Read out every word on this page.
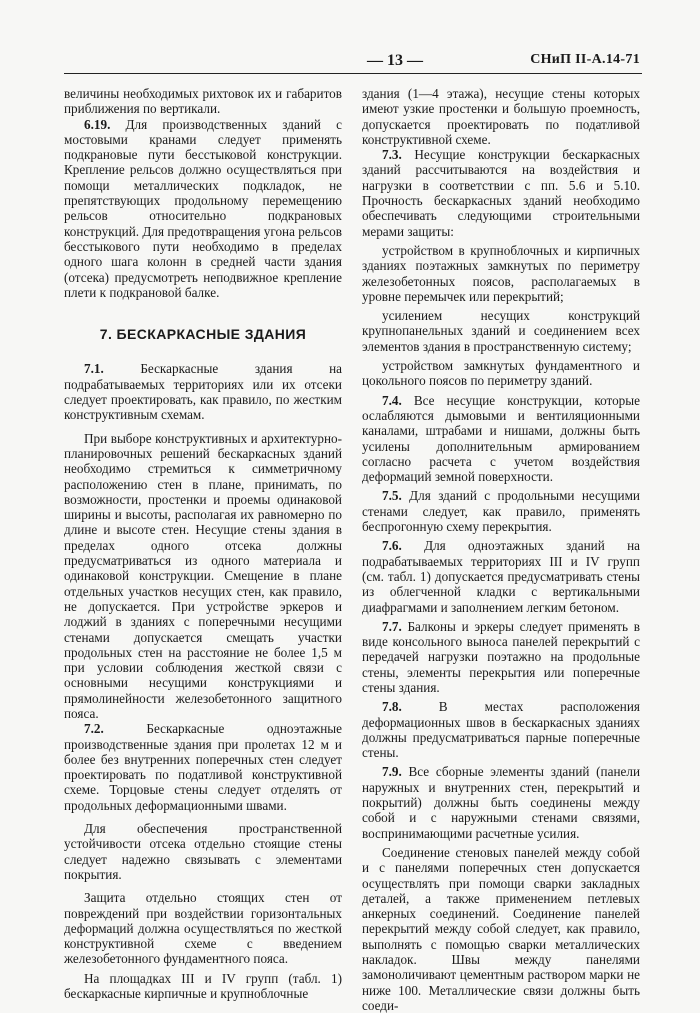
— 13 —	СНиП II-А.14-71

величины необходимых рихтовок их и габаритов приближения по вертикали.

6.19. Для производственных зданий с мостовыми кранами следует применять подкрановые пути бесстыковой конструкции. Крепление рельсов должно осуществляться при помощи металлических подкладок, не препятствующих продольному перемещению рельсов относительно подкрановых конструкций. Для предотвращения угона рельсов бесстыкового пути необходимо в пределах одного шага колонн в средней части здания (отсека) предусмотреть неподвижное крепление плети к подкрановой балке.

7. БЕСКАРКАСНЫЕ ЗДАНИЯ

7.1. Бескаркасные здания на подрабатываемых территориях или их отсеки следует проектировать, как правило, по жестким конструктивным схемам.

При выборе конструктивных и архитектурно-планировочных решений бескаркасных зданий необходимо стремиться к симметричному расположению стен в плане, принимать, по возможности, простенки и проемы одинаковой ширины и высоты, располагая их равномерно по длине и высоте стен. Несущие стены здания в пределах одного отсека должны предусматриваться из одного материала и одинаковой конструкции. Смещение в плане отдельных участков несущих стен, как правило, не допускается. При устройстве эркеров и лоджий в зданиях с поперечными несущими стенами допускается смещать участки продольных стен на расстояние не более 1,5 м при условии соблюдения жесткой связи с основными несущими конструкциями и прямолинейности железобетонного защитного пояса.

7.2. Бескаркасные одноэтажные производственные здания при пролетах 12 м и более без внутренних поперечных стен следует проектировать по податливой конструктивной схеме. Торцовые стены следует отделять от продольных деформационными швами.

Для обеспечения пространственной устойчивости отсека отдельно стоящие стены следует надежно связывать с элементами покрытия.

Защита отдельно стоящих стен от повреждений при воздействии горизонтальных деформаций должна осуществляться по жесткой конструктивной схеме с введением железобетонного фундаментного пояса.

На площадках III и IV групп (табл. 1) бескаркасные кирпичные и крупноблочные

здания (1—4 этажа), несущие стены которых имеют узкие простенки и большую проемность, допускается проектировать по податливой конструктивной схеме.

7.3. Несущие конструкции бескаркасных зданий рассчитываются на воздействия и нагрузки в соответствии с пп. 5.6 и 5.10. Прочность бескаркасных зданий необходимо обеспечивать следующими строительными мерами защиты:

устройством в крупноблочных и кирпичных зданиях поэтажных замкнутых по периметру железобетонных поясов, располагаемых в уровне перемычек или перекрытий;

усилением несущих конструкций крупнопанельных зданий и соединением всех элементов здания в пространственную систему;

устройством замкнутых фундаментного и цокольного поясов по периметру зданий.

7.4. Все несущие конструкции, которые ослабляются дымовыми и вентиляционными каналами, штрабами и нишами, должны быть усилены дополнительным армированием согласно расчета с учетом воздействия деформаций земной поверхности.

7.5. Для зданий с продольными несущими стенами следует, как правило, применять беспрогонную схему перекрытия.

7.6. Для одноэтажных зданий на подрабатываемых территориях III и IV групп (см. табл. 1) допускается предусматривать стены из облегченной кладки с вертикальными диафрагмами и заполнением легким бетоном.

7.7. Балконы и эркеры следует применять в виде консольного выноса панелей перекрытий с передачей нагрузки поэтажно на продольные стены, элементы перекрытия или поперечные стены здания.

7.8. В местах расположения деформационных швов в бескаркасных зданиях должны предусматриваться парные поперечные стены.

7.9. Все сборные элементы зданий (панели наружных и внутренних стен, перекрытий и покрытий) должны быть соединены между собой и с наружными стенами связями, воспринимающими расчетные усилия.

Соединение стеновых панелей между собой и с панелями поперечных стен допускается осуществлять при помощи сварки закладных деталей, а также применением петлевых анкерных соединений. Соединение панелей перекрытий между собой следует, как правило, выполнять с помощью сварки металлических накладок. Швы между панелями замоноличивают цементным раствором марки не ниже 100. Металлические связи должны быть соеди-
